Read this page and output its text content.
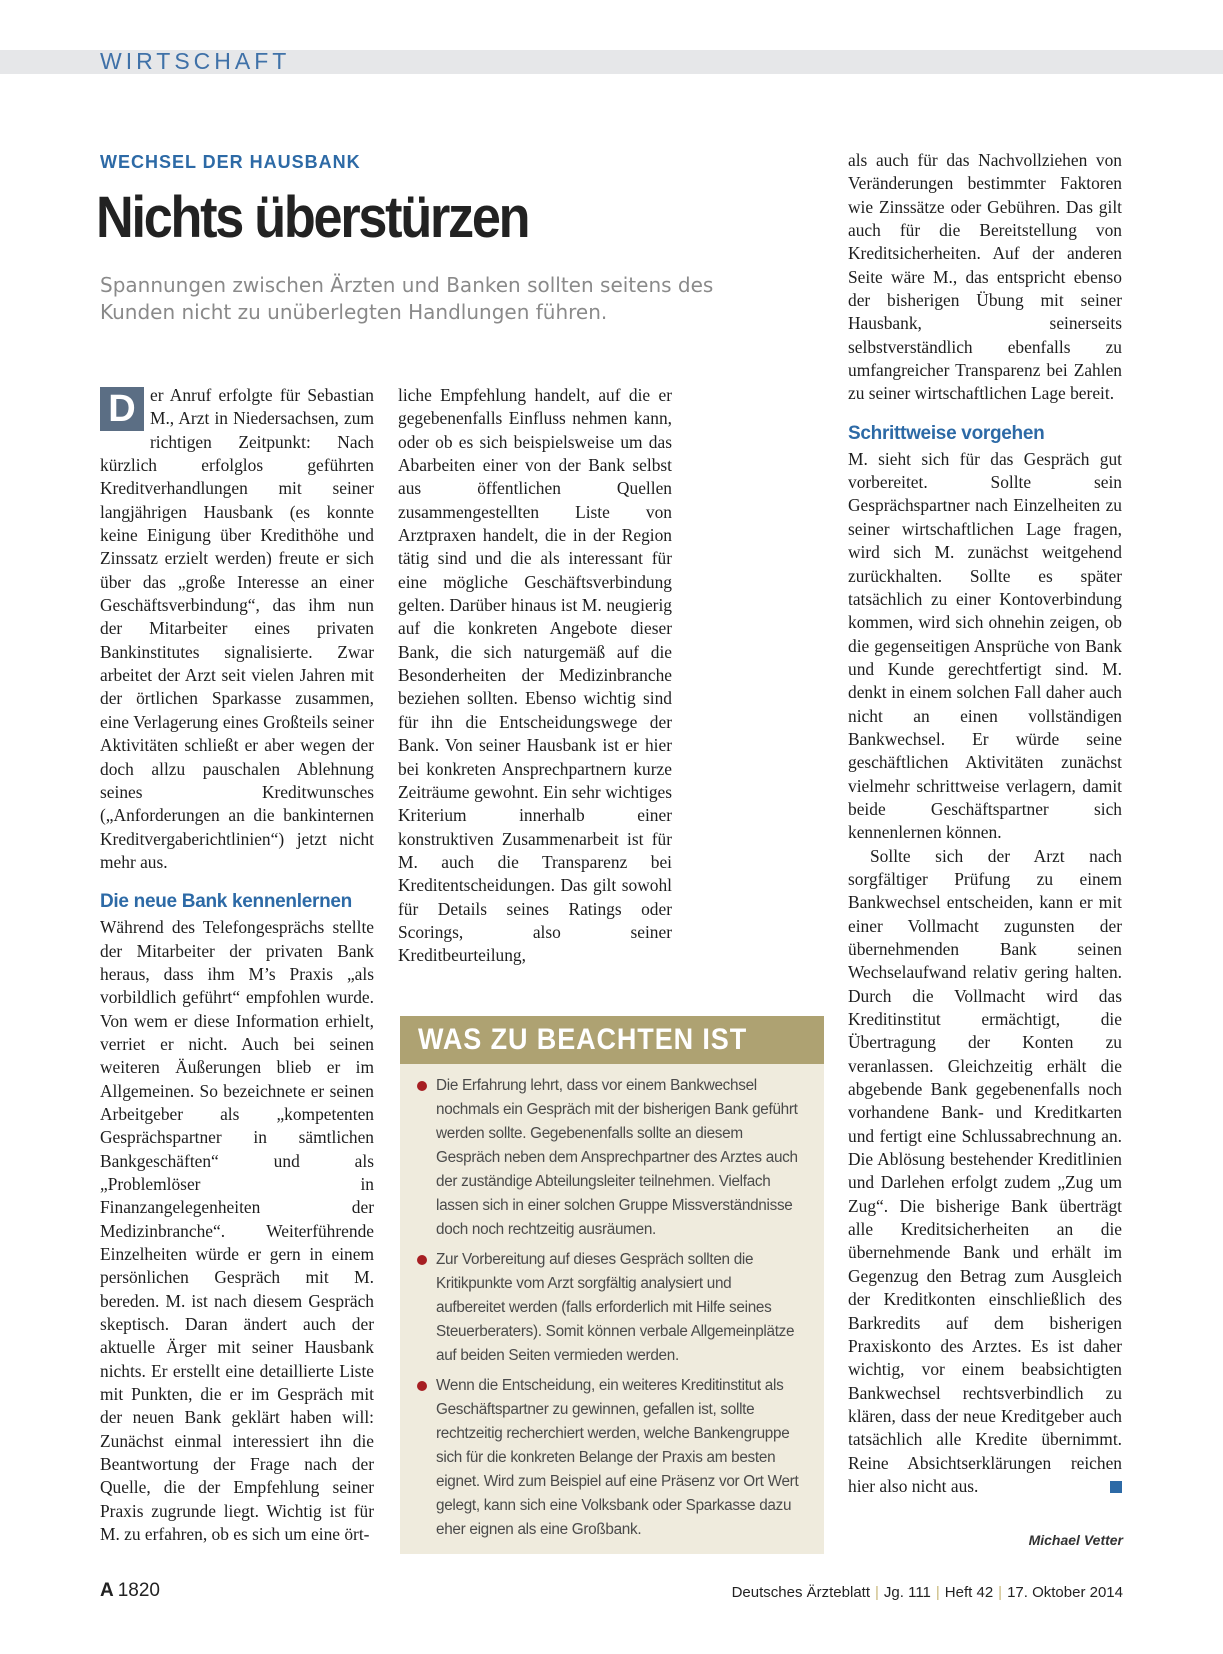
WIRTSCHAFT
WECHSEL DER HAUSBANK
Nichts überstürzen
Spannungen zwischen Ärzten und Banken sollten seitens des Kunden nicht zu unüberlegten Handlungen führen.

D er Anruf erfolgte für Sebastian M., Arzt in Niedersachsen, zum richtigen Zeitpunkt: Nach kürzlich erfolglos geführten Kreditverhandlungen mit seiner langjährigen Hausbank (es konnte keine Einigung über Kredithöhe und Zinssatz erzielt werden) freute er sich über das „große Interesse an einer Geschäftsverbindung“, das ihm nun der Mitarbeiter eines privaten Bankinstitutes signalisierte. Zwar arbeitet der Arzt seit vielen Jahren mit der örtlichen Sparkasse zusammen, eine Verlagerung eines Großteils seiner Aktivitäten schließt er aber wegen der doch allzu pauschalen Ablehnung seines Kreditwunsches („Anforderungen an die bankinternen Kreditvergaberichtlinien“) jetzt nicht mehr aus.

Die neue Bank kennenlernen

Während des Telefongesprächs stellte der Mitarbeiter der privaten Bank heraus, dass ihm M’s Praxis „als vorbildlich geführt“ empfohlen wurde. Von wem er diese Information erhielt, verriet er nicht. Auch bei seinen weiteren Äußerungen blieb er im Allgemeinen. So bezeichnete er seinen Arbeitgeber als „kompetenten Gesprächspartner in sämtlichen Bankgeschäften“ und als „Problemlöser in Finanzangelegenheiten der Medizinbranche“. Weiterführende Einzelheiten würde er gern in einem persönlichen Gespräch mit M. bereden. M. ist nach diesem Gespräch skeptisch. Daran ändert auch der aktuelle Ärger mit seiner Hausbank nichts. Er erstellt eine detaillierte Liste mit Punkten, die er im Gespräch mit der neuen Bank geklärt haben will: Zunächst einmal interessiert ihn die Beantwortung der Frage nach der Quelle, die der Empfehlung seiner Praxis zugrunde liegt. Wichtig ist für M. zu erfahren, ob es sich um eine ört-

liche Empfehlung handelt, auf die er gegebenenfalls Einfluss nehmen kann, oder ob es sich beispielsweise um das Abarbeiten einer von der Bank selbst aus öffentlichen Quellen zusammengestellten Liste von Arztpraxen handelt, die in der Region tätig sind und die als interessant für eine mögliche Geschäftsverbindung gelten. Darüber hinaus ist M. neugierig auf die konkreten Angebote dieser Bank, die sich naturgemäß auf die Besonderheiten der Medizinbranche beziehen sollten. Ebenso wichtig sind für ihn die Entscheidungswege der Bank. Von seiner Hausbank ist er hier bei konkreten Ansprechpartnern kurze Zeiträume gewohnt. Ein sehr wichtiges Kriterium innerhalb einer konstruktiven Zusammenarbeit ist für M. auch die Transparenz bei Kreditentscheidungen. Das gilt sowohl für Details seines Ratings oder Scorings, also seiner Kreditbeurteilung,

als auch für das Nachvollziehen von Veränderungen bestimmter Faktoren wie Zinssätze oder Gebühren. Das gilt auch für die Bereitstellung von Kreditsicherheiten. Auf der anderen Seite wäre M., das entspricht ebenso der bisherigen Übung mit seiner Hausbank, seinerseits selbstverständlich ebenfalls zu umfangreicher Transparenz bei Zahlen zu seiner wirtschaftlichen Lage bereit.

Schrittweise vorgehen

M. sieht sich für das Gespräch gut vorbereitet. Sollte sein Gesprächspartner nach Einzelheiten zu seiner wirtschaftlichen Lage fragen, wird sich M. zunächst weitgehend zurückhalten. Sollte es später tatsächlich zu einer Kontoverbindung kommen, wird sich ohnehin zeigen, ob die gegenseitigen Ansprüche von Bank und Kunde gerechtfertigt sind. M. denkt in einem solchen Fall daher auch nicht an einen vollständigen Bankwechsel. Er würde seine geschäftlichen Aktivitäten zunächst vielmehr schrittweise verlagern, damit beide Geschäftspartner sich kennenlernen können.

Sollte sich der Arzt nach sorgfältiger Prüfung zu einem Bankwechsel entscheiden, kann er mit einer Vollmacht zugunsten der übernehmenden Bank seinen Wechselaufwand relativ gering halten. Durch die Vollmacht wird das Kreditinstitut ermächtigt, die Übertragung der Konten zu veranlassen. Gleichzeitig erhält die abgebende Bank gegebenenfalls noch vorhandene Bank- und Kreditkarten und fertigt eine Schlussabrechnung an. Die Ablösung bestehender Kreditlinien und Darlehen erfolgt zudem „Zug um Zug“. Die bisherige Bank überträgt alle Kreditsicherheiten an die übernehmende Bank und erhält im Gegenzug den Betrag zum Ausgleich der Kreditkonten einschließlich des Barkredits auf dem bisherigen Praxiskonto des Arztes. Es ist daher wichtig, vor einem beabsichtigten Bankwechsel rechtsverbindlich zu klären, dass der neue Kreditgeber auch tatsächlich alle Kredite übernimmt. Reine Absichtserklärungen reichen hier also nicht aus.

Michael Vetter
WAS ZU BEACHTEN IST
Die Erfahrung lehrt, dass vor einem Bankwechsel nochmals ein Gespräch mit der bisherigen Bank geführt werden sollte. Gegebenenfalls sollte an diesem Gespräch neben dem Ansprechpartner des Arztes auch der zuständige Abteilungsleiter teilnehmen. Vielfach lassen sich in einer solchen Gruppe Missverständnisse doch noch rechtzeitig ausräumen.
Zur Vorbereitung auf dieses Gespräch sollten die Kritikpunkte vom Arzt sorgfältig analysiert und aufbereitet werden (falls erforderlich mit Hilfe seines Steuerberaters). Somit können verbale Allgemeinplätze auf beiden Seiten vermieden werden.
Wenn die Entscheidung, ein weiteres Kreditinstitut als Geschäftspartner zu gewinnen, gefallen ist, sollte rechtzeitig recherchiert werden, welche Bankengruppe sich für die konkreten Belange der Praxis am besten eignet. Wird zum Beispiel auf eine Präsenz vor Ort Wert gelegt, kann sich eine Volksbank oder Sparkasse dazu eher eignen als eine Großbank.
A 1820	Deutsches Ärzteblatt | Jg. 111 | Heft 42 | 17. Oktober 2014
